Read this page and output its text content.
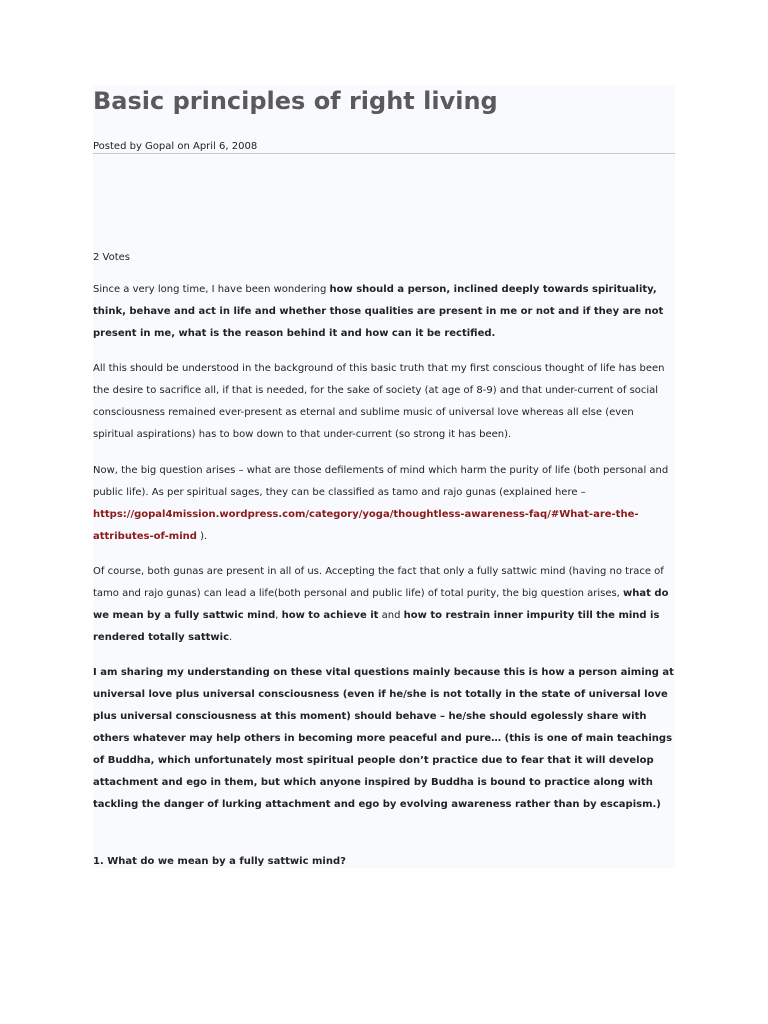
Basic principles of right living
Posted by Gopal on April 6, 2008
2 Votes

Since a very long time, I have been wondering how should a person, inclined deeply towards spirituality, think, behave and act in life and whether those qualities are present in me or not and if they are not present in me, what is the reason behind it and how can it be rectified.

All this should be understood in the background of this basic truth that my first conscious thought of life has been the desire to sacrifice all, if that is needed, for the sake of society (at age of 8-9) and that under-current of social consciousness remained ever-present as eternal and sublime music of universal love whereas all else (even spiritual aspirations) has to bow down to that under-current (so strong it has been).

Now, the big question arises – what are those defilements of mind which harm the purity of life (both personal and public life). As per spiritual sages, they can be classified as tamo and rajo gunas (explained here – https://gopal4mission.wordpress.com/category/yoga/thoughtless-awareness-faq/#What-are-the-attributes-of-mind ).

Of course, both gunas are present in all of us. Accepting the fact that only a fully sattwic mind (having no trace of tamo and rajo gunas) can lead a life(both personal and public life) of total purity, the big question arises, what do we mean by a fully sattwic mind, how to achieve it and how to restrain inner impurity till the mind is rendered totally sattwic.

I am sharing my understanding on these vital questions mainly because this is how a person aiming at universal love plus universal consciousness (even if he/she is not totally in the state of universal love plus universal consciousness at this moment) should behave – he/she should egolessly share with others whatever may help others in becoming more peaceful and pure… (this is one of main teachings of Buddha, which unfortunately most spiritual people don’t practice due to fear that it will develop attachment and ego in them, but which anyone inspired by Buddha is bound to practice along with tackling the danger of lurking attachment and ego by evolving awareness rather than by escapism.)

1. What do we mean by a fully sattwic mind?
